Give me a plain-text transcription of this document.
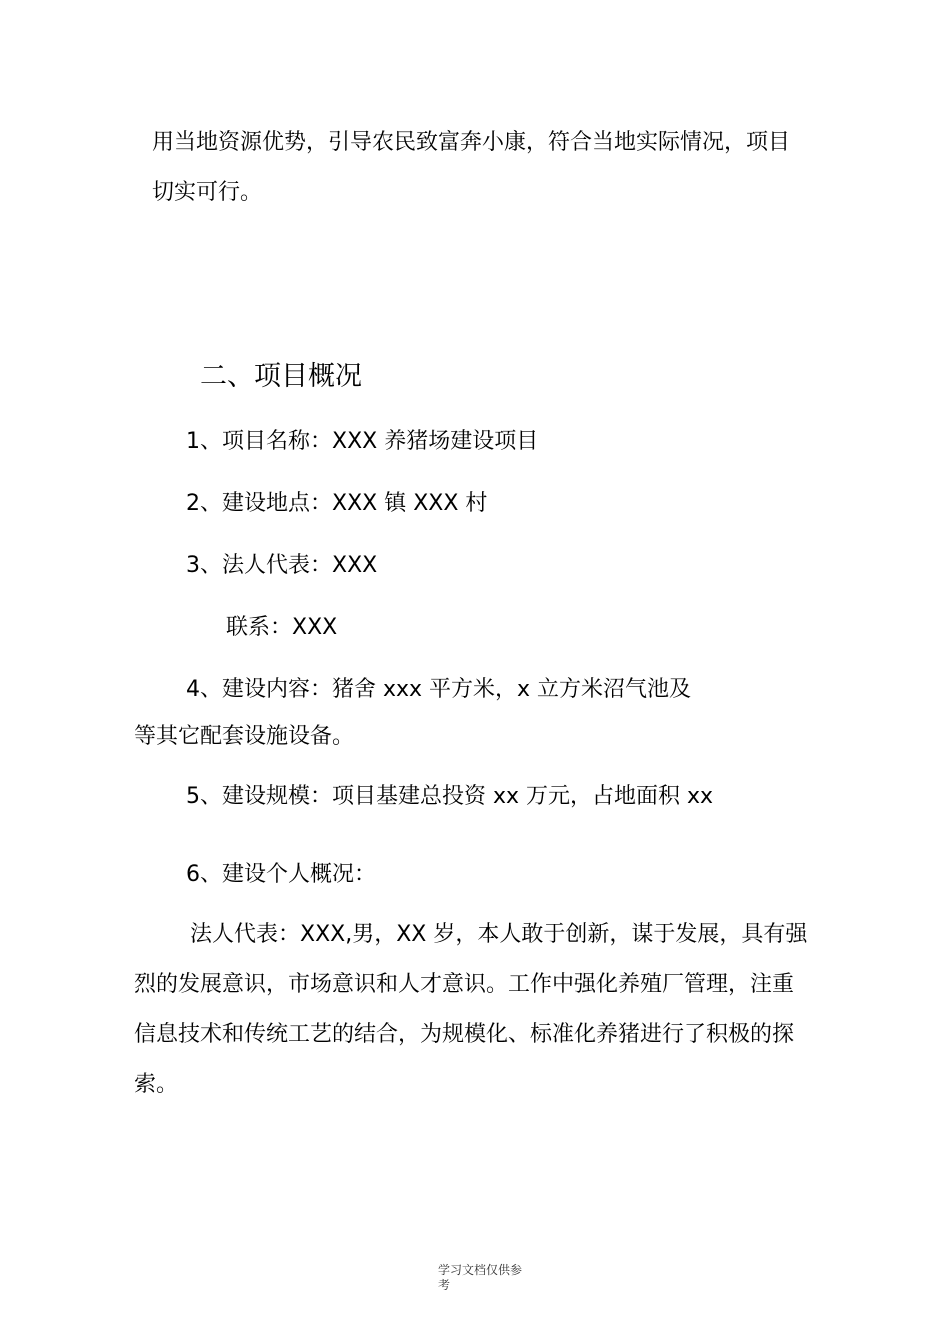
用当地资源优势，引导农民致富奔小康，符合当地实际情况，项目
切实可行。
二、项目概况
1、项目名称：XXX 养猪场建设项目
2、建设地点：XXX 镇 XXX 村
3、法人代表：XXX
联系：XXX
4、建设内容：猪舍 xxx 平方米，x 立方米沼气池及
等其它配套设施设备。
5、建设规模：项目基建总投资 xx 万元，占地面积 xx
6、建设个人概况：
法人代表：XXX,男，XX 岁，本人敢于创新，谋于发展，具有强
烈的发展意识，市场意识和人才意识。工作中强化养殖厂管理，注重
信息技术和传统工艺的结合，为规模化、标准化养猪进行了积极的探
索。
学习文档仅供参
考
